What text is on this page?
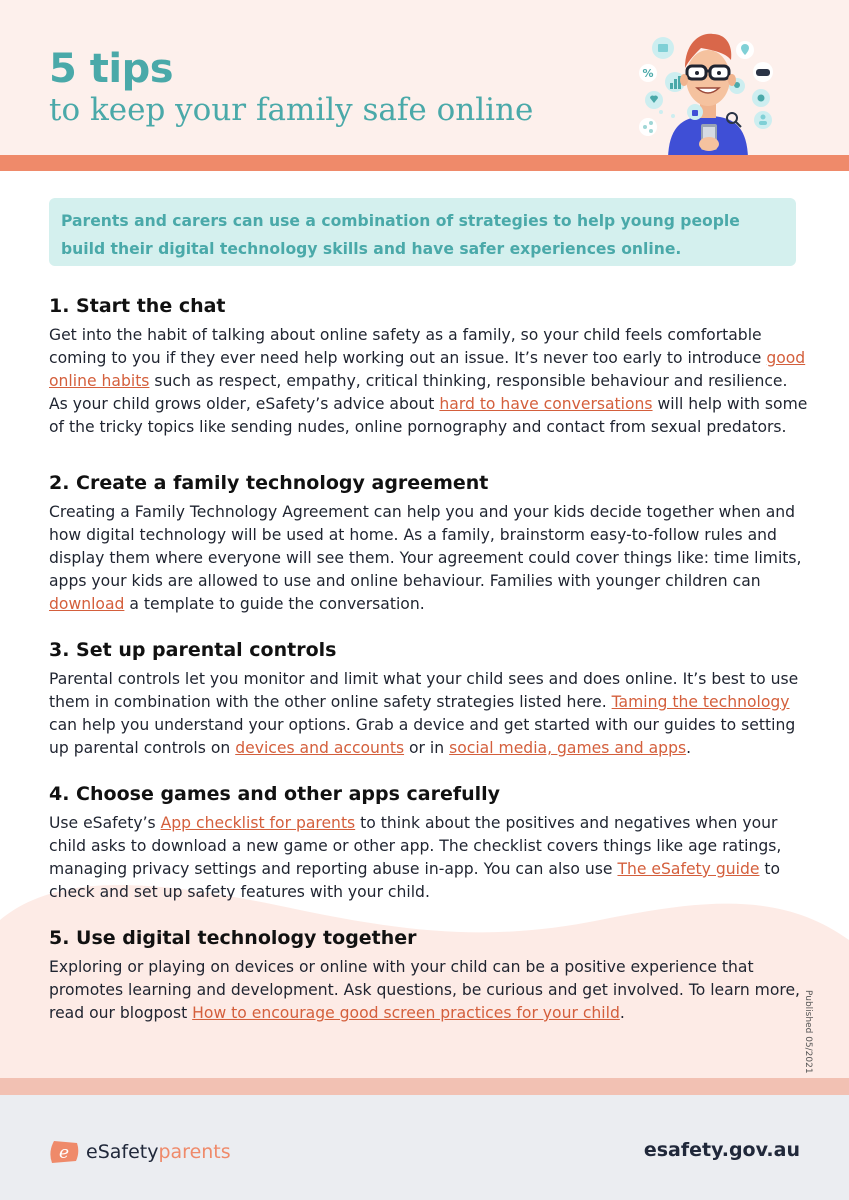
5 tips

to keep your family safe online

%

Parents and carers can use a combination of strategies to help young people build their digital technology skills and have safer experiences online.

1. Start the chat

Get into the habit of talking about online safety as a family, so your child feels comfortable coming to you if they ever need help working out an issue. It’s never too early to introduce good online habits such as respect, empathy, critical thinking, responsible behaviour and resilience. As your child grows older, eSafety’s advice about hard to have conversations will help with some of the tricky topics like sending nudes, online pornography and contact from sexual predators.

2. Create a family technology agreement

Creating a Family Technology Agreement can help you and your kids decide together when and how digital technology will be used at home. As a family, brainstorm easy-to-follow rules and display them where everyone will see them. Your agreement could cover things like: time limits, apps your kids are allowed to use and online behaviour. Families with younger children can download a template to guide the conversation.

3. Set up parental controls

Parental controls let you monitor and limit what your child sees and does online. It’s best to use them in combination with the other online safety strategies listed here. Taming the technology can help you understand your options. Grab a device and get started with our guides to setting up parental controls on devices and accounts or in social media, games and apps.

4. Choose games and other apps carefully

Use eSafety’s App checklist for parents to think about the positives and negatives when your child asks to download a new game or other app. The checklist covers things like age ratings, managing privacy settings and reporting abuse in-app. You can also use The eSafety guide to check and set up safety features with your child.

5. Use digital technology together

Exploring or playing on devices or online with your child can be a positive experience that promotes learning and development. Ask questions, be curious and get involved. To learn more, read our blogpost How to encourage good screen practices for your child.	Published 05/2021
e eSafetyparents	esafety.gov.au
